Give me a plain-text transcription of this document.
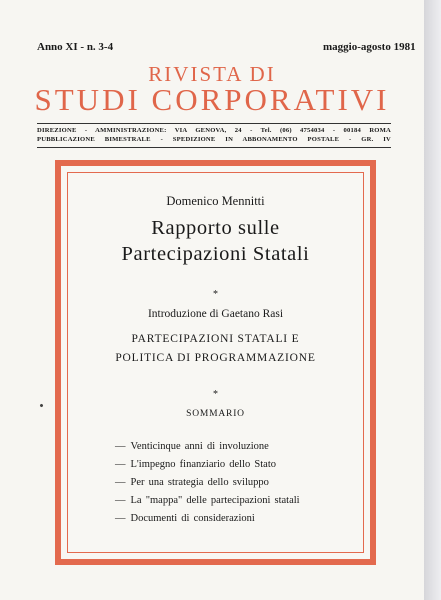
Anno XI - n. 3-4	maggio-agosto 1981
RIVISTA DI
STUDI CORPORATIVI
DIREZIONE - AMMINISTRAZIONE: VIA GENOVA, 24 - Tel. (06) 4754034 - 00184 ROMA
PUBBLICAZIONE BIMESTRALE - SPEDIZIONE IN ABBONAMENTO POSTALE - GR. IV
Domenico Mennitti
Rapporto sulle
Partecipazioni Statali
*
Introduzione di Gaetano Rasi
PARTECIPAZIONI STATALI E
POLITICA DI PROGRAMMAZIONE
*
SOMMARIO
— Venticinque anni di involuzione
— L'impegno finanziario dello Stato
— Per una strategia dello sviluppo
— La "mappa" delle partecipazioni statali
— Documenti di considerazioni
